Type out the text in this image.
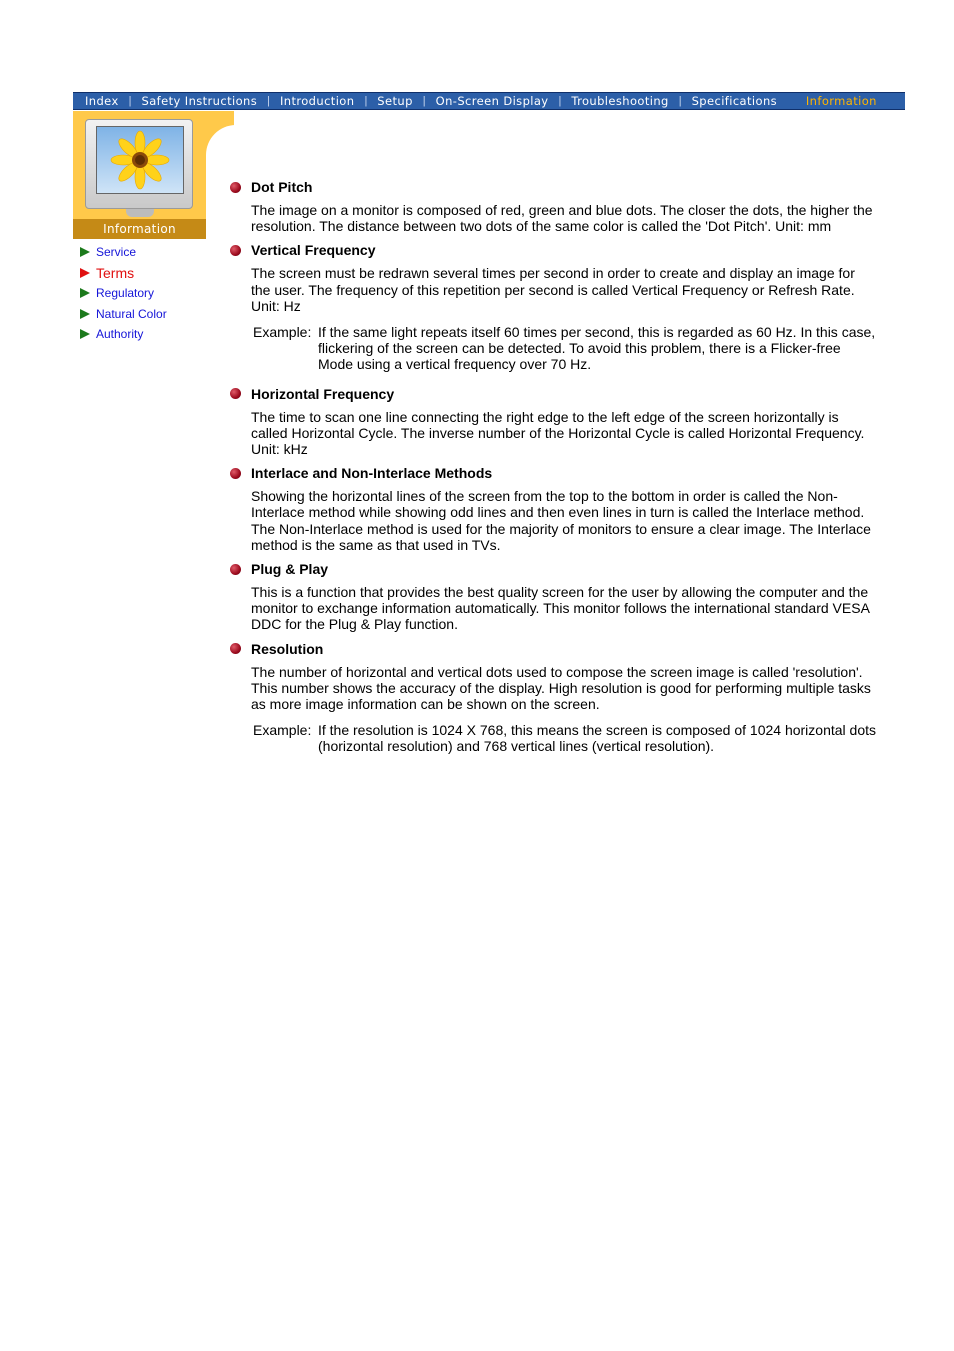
Index | Safety Instructions | Introduction | Setup | On-Screen Display | Troubleshooting | Specifications	Information
Information
Service
Terms
Regulatory
Natural Color
Authority
Dot Pitch

The image on a monitor is composed of red, green and blue dots. The closer the dots, the higher the resolution. The distance between two dots of the same color is called the 'Dot Pitch'. Unit: mm

Vertical Frequency

The screen must be redrawn several times per second in order to create and display an image for the user. The frequency of this repetition per second is called Vertical Frequency or Refresh Rate. Unit: Hz

Example: If the same light repeats itself 60 times per second, this is regarded as 60 Hz. In this case, flickering of the screen can be detected. To avoid this problem, there is a Flicker-free Mode using a vertical frequency over 70 Hz.
Horizontal Frequency

The time to scan one line connecting the right edge to the left edge of the screen horizontally is called Horizontal Cycle. The inverse number of the Horizontal Cycle is called Horizontal Frequency. Unit: kHz

Interlace and Non-Interlace Methods

Showing the horizontal lines of the screen from the top to the bottom in order is called the Non-Interlace method while showing odd lines and then even lines in turn is called the Interlace method. The Non-Interlace method is used for the majority of monitors to ensure a clear image. The Interlace method is the same as that used in TVs.

Plug & Play

This is a function that provides the best quality screen for the user by allowing the computer and the monitor to exchange information automatically. This monitor follows the international standard VESA DDC for the Plug & Play function.

Resolution

The number of horizontal and vertical dots used to compose the screen image is called 'resolution'. This number shows the accuracy of the display. High resolution is good for performing multiple tasks as more image information can be shown on the screen.

Example: If the resolution is 1024 X 768, this means the screen is composed of 1024 horizontal dots (horizontal resolution) and 768 vertical lines (vertical resolution).
